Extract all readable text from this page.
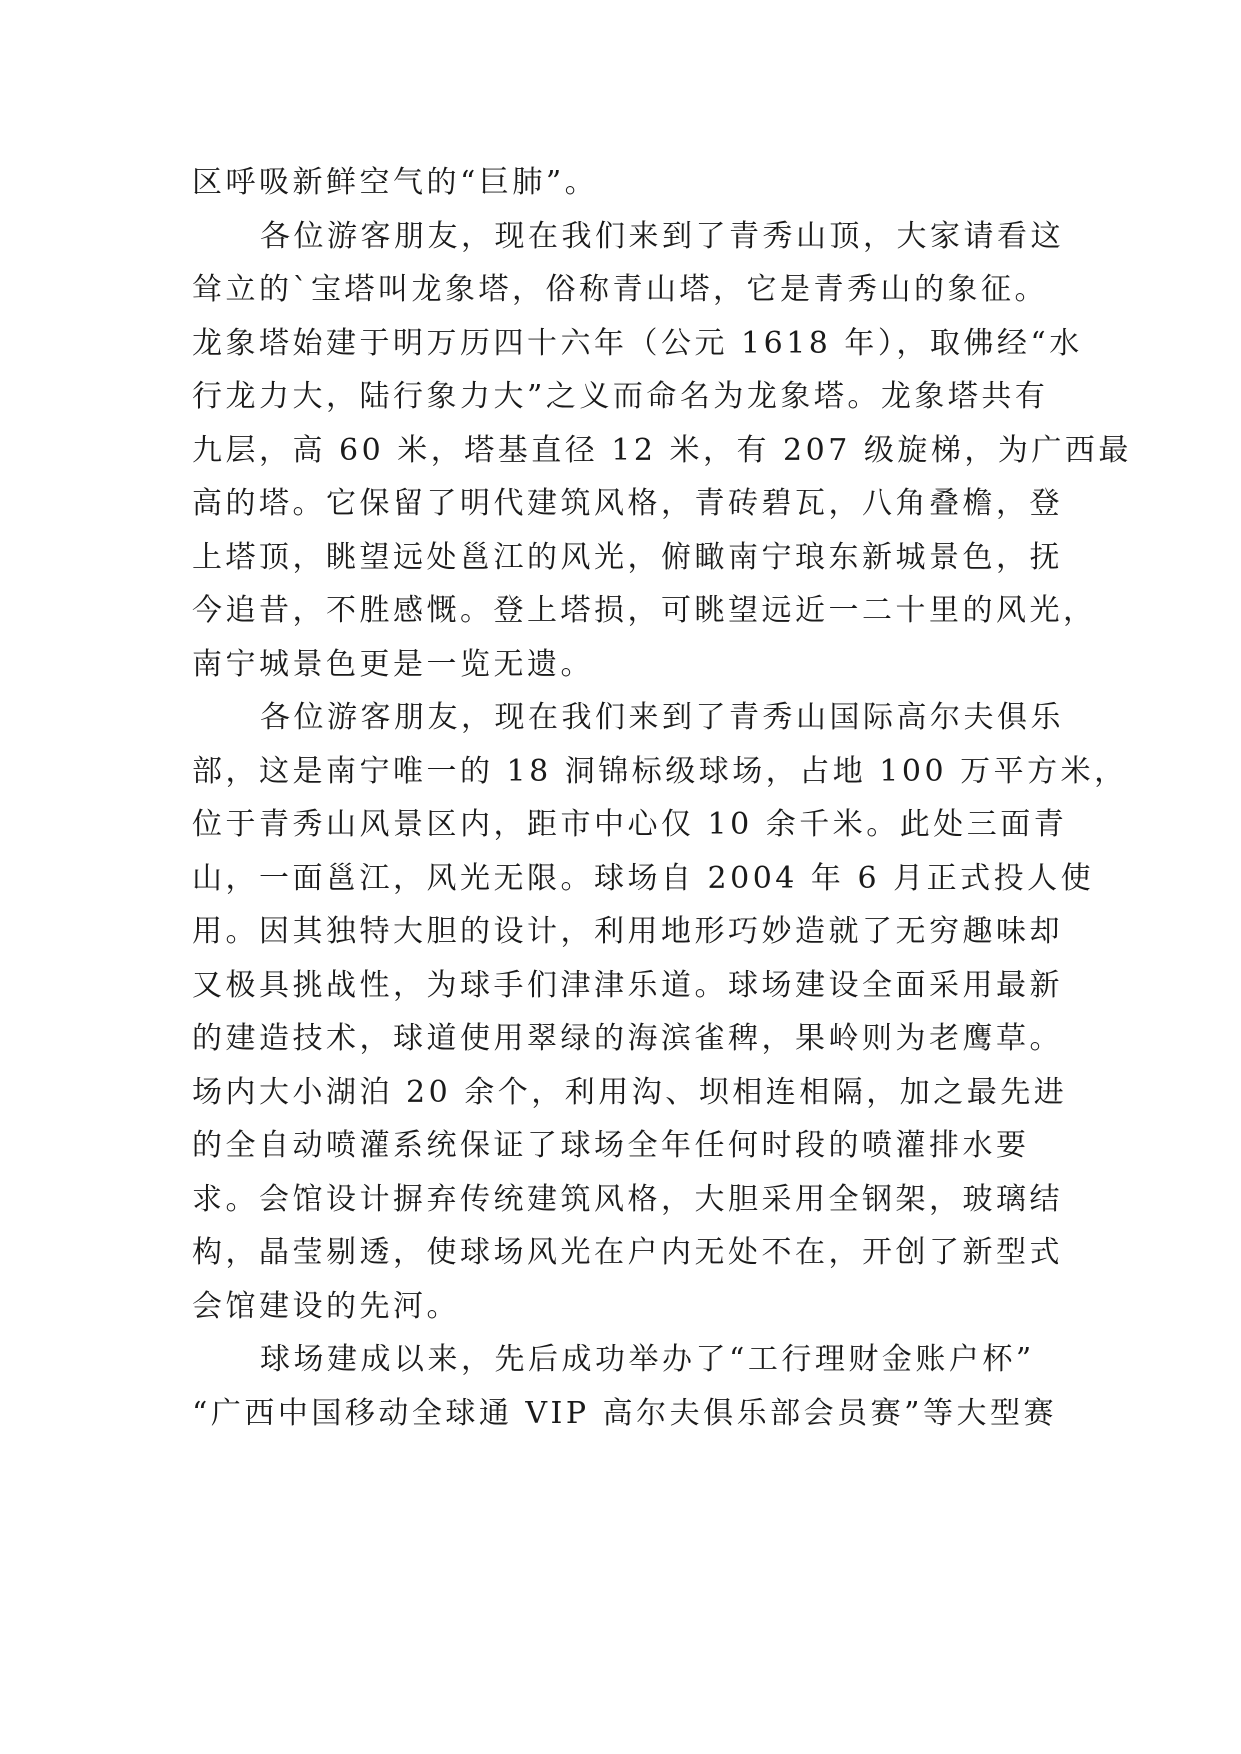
区呼吸新鲜空气的“巨肺”。
各位游客朋友，现在我们来到了青秀山顶，大家请看这
耸立的`宝塔叫龙象塔，俗称青山塔，它是青秀山的象征。
龙象塔始建于明万历四十六年（公元 1618 年），取佛经“水
行龙力大，陆行象力大”之义而命名为龙象塔。龙象塔共有
九层，高 60 米，塔基直径 12 米，有 207 级旋梯，为广西最
高的塔。它保留了明代建筑风格，青砖碧瓦，八角叠檐，登
上塔顶，眺望远处邕江的风光，俯瞰南宁琅东新城景色，抚
今追昔，不胜感慨。登上塔损，可眺望远近一二十里的风光，
南宁城景色更是一览无遗。
各位游客朋友，现在我们来到了青秀山国际高尔夫俱乐
部，这是南宁唯一的 18 洞锦标级球场，占地 100 万平方米，
位于青秀山风景区内，距市中心仅 10 余千米。此处三面青
山，一面邕江，风光无限。球场自 2004 年 6 月正式投人使
用。因其独特大胆的设计，利用地形巧妙造就了无穷趣味却
又极具挑战性，为球手们津津乐道。球场建设全面采用最新
的建造技术，球道使用翠绿的海滨雀稗，果岭则为老鹰草。
场内大小湖泊 20 余个，利用沟、坝相连相隔，加之最先进
的全自动喷灌系统保证了球场全年任何时段的喷灌排水要
求。会馆设计摒弃传统建筑风格，大胆采用全钢架，玻璃结
构，晶莹剔透，使球场风光在户内无处不在，开创了新型式
会馆建设的先河。
球场建成以来，先后成功举办了“工行理财金账户杯”
“广西中国移动全球通 VIP 高尔夫俱乐部会员赛”等大型赛
